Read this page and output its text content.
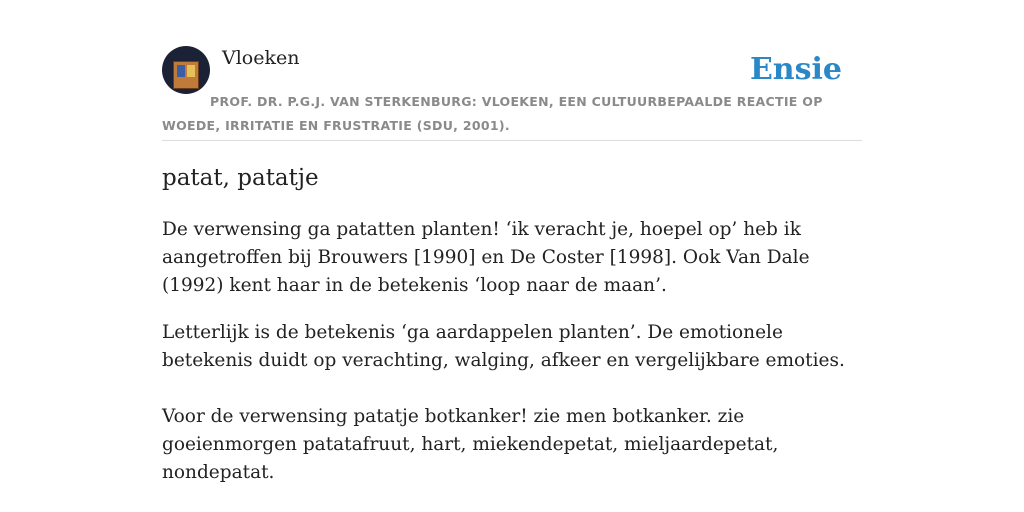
Vloeken	Ensie
PROF. DR. P.G.J. VAN STERKENBURG: VLOEKEN, EEN CULTUURBEPAALDE REACTIE OP WOEDE, IRRITATIE EN FRUSTRATIE (SDU, 2001).
patat, patatje

De verwensing ga patatten planten! ‘ik veracht je, hoepel op’ heb ik aangetroffen bij Brouwers [1990] en De Coster [1998]. Ook Van Dale (1992) kent haar in de betekenis ‘loop naar de maan’.

Letterlijk is de betekenis ‘ga aardappelen planten’. De emotionele betekenis duidt op verachting, walging, afkeer en vergelijkbare emoties.

Voor de verwensing patatje botkanker! zie men botkanker. zie goeienmorgen patatafruut, hart, miekendepetat, mieljaardepetat, nondepatat.
